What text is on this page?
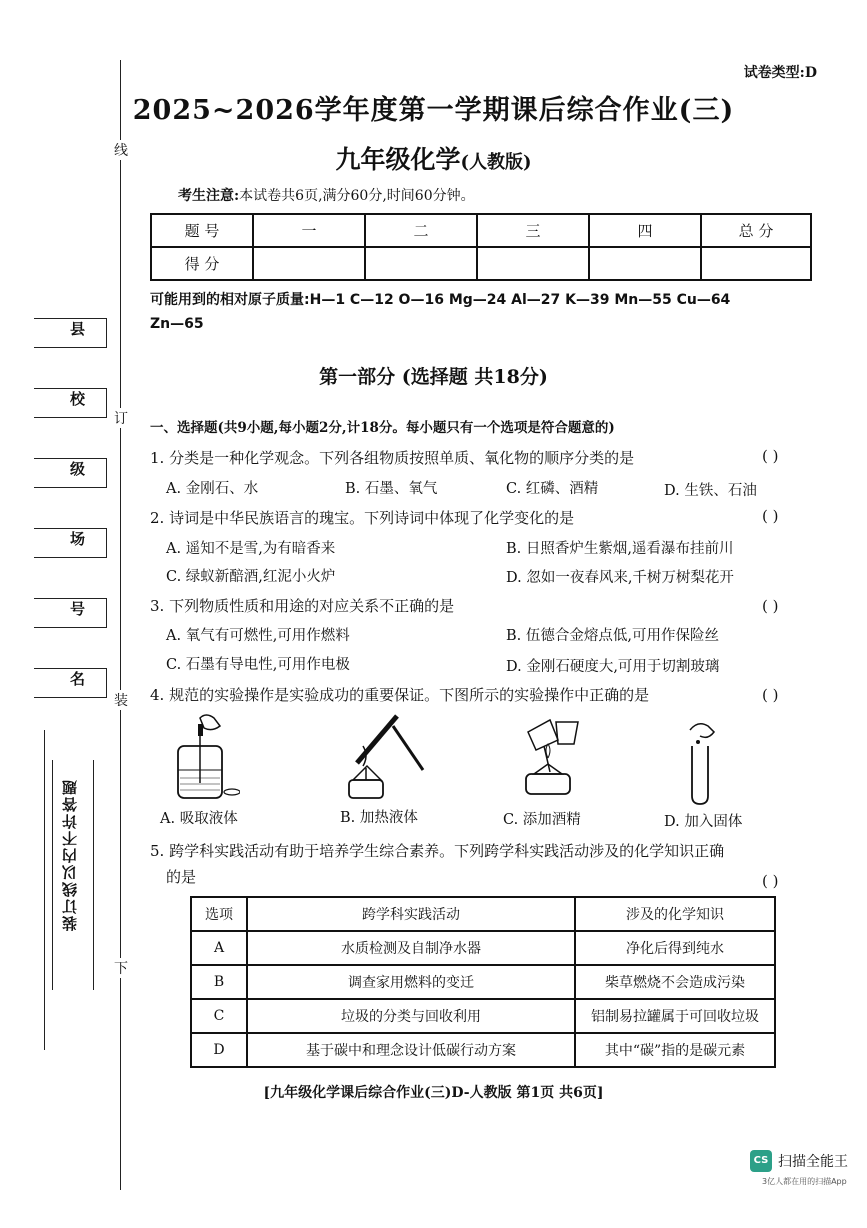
线
订
装
下
县
校
级
场
号
名
装订线以内不许答题
试卷类型:D
2025~2026学年度第一学期课后综合作业(三)
九年级化学(人教版)
考生注意:本试卷共6页,满分60分,时间60分钟。
题 号	一	二	三	四	总 分
得 分					
可能用到的相对原子质量:H—1 C—12 O—16 Mg—24 Al—27 K—39 Mn—55 Cu—64
Zn—65
第一部分 (选择题 共18分)
一、选择题(共9小题,每小题2分,计18分。每小题只有一个选项是符合题意的)
1. 分类是一种化学观念。下列各组物质按照单质、氧化物的顺序分类的是	( )
A. 金刚石、水	B. 石墨、氧气	C. 红磷、酒精	D. 生铁、石油
2. 诗词是中华民族语言的瑰宝。下列诗词中体现了化学变化的是	( )
A. 遥知不是雪,为有暗香来	B. 日照香炉生紫烟,遥看瀑布挂前川
C. 绿蚁新醅酒,红泥小火炉	D. 忽如一夜春风来,千树万树梨花开
3. 下列物质性质和用途的对应关系不正确的是	( )
A. 氧气有可燃性,可用作燃料	B. 伍德合金熔点低,可用作保险丝
C. 石墨有导电性,可用作电极	D. 金刚石硬度大,可用于切割玻璃
4. 规范的实验操作是实验成功的重要保证。下图所示的实验操作中正确的是	( )
A. 吸取液体	B. 加热液体	C. 添加酒精	D. 加入固体
5. 跨学科实践活动有助于培养学生综合素养。下列跨学科实践活动涉及的化学知识正确
的是	( )
选项	跨学科实践活动	涉及的化学知识
A	水质检测及自制净水器	净化后得到纯水
B	调查家用燃料的变迁	柴草燃烧不会造成污染
C	垃圾的分类与回收利用	铝制易拉罐属于可回收垃圾
D	基于碳中和理念设计低碳行动方案	其中“碳”指的是碳元素
[九年级化学课后综合作业(三)D-人教版 第1页 共6页]
CS 扫描全能王
3亿人都在用的扫描App
